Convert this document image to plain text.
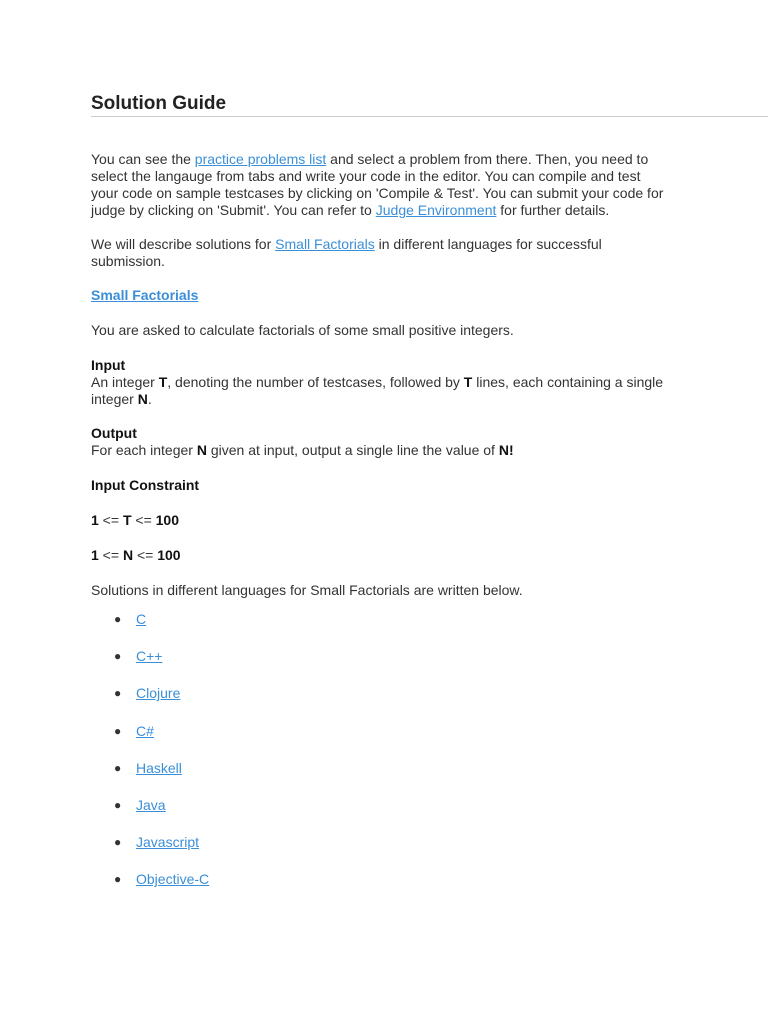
Solution Guide

You can see the practice problems list and select a problem from there. Then, you need to select the langauge from tabs and write your code in the editor. You can compile and test your code on sample testcases by clicking on 'Compile & Test'. You can submit your code for judge by clicking on 'Submit'. You can refer to Judge Environment for further details.

We will describe solutions for Small Factorials in different languages for successful submission.

Small Factorials

You are asked to calculate factorials of some small positive integers.

Input
An integer T, denoting the number of testcases, followed by T lines, each containing a single integer N.

Output
For each integer N given at input, output a single line the value of N!

Input Constraint

1 <= T <= 100

1 <= N <= 100

Solutions in different languages for Small Factorials are written below.

● C
● C++
● Clojure
● C#
● Haskell
● Java
● Javascript
● Objective-C
